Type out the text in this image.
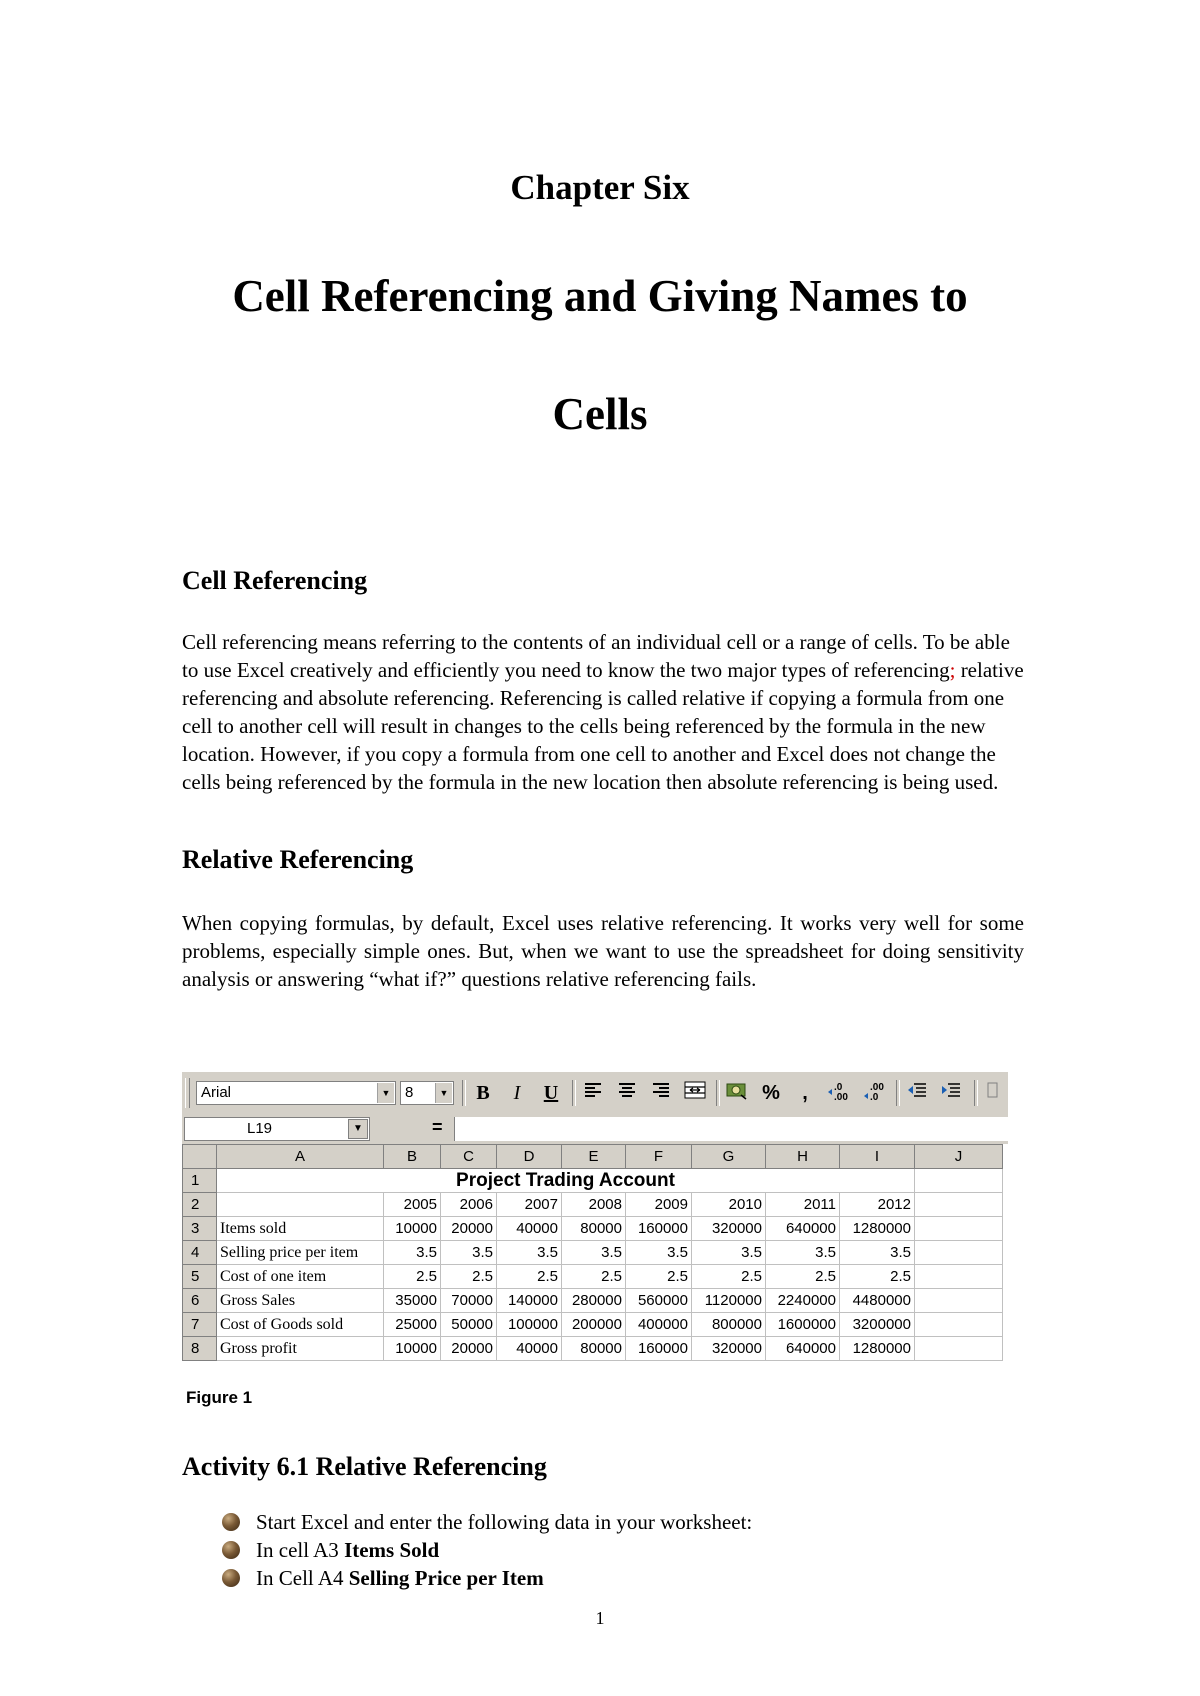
Chapter Six
Cell Referencing and Giving Names to
Cells
Cell Referencing
Cell referencing means referring to the contents of an individual cell or a range of cells. To be able to use Excel creatively and efficiently you need to know the two major types of referencing; relative referencing and absolute referencing. Referencing is called relative if copying a formula from one cell to another cell will result in changes to the cells being referenced by the formula in the new location. However, if you copy a formula from one cell to another and Excel does not change the cells being referenced by the formula in the new location then absolute referencing is being used.
Relative Referencing
When copying formulas, by default, Excel uses relative referencing. It works very well for some problems, especially simple ones. But, when we want to use the spreadsheet for doing sensitivity analysis or answering “what if?” questions relative referencing fails.
Arial	▼ 8	▼	B	I	U	%	,	.0
.00
.00
.0
L19	▼	=
	A	B	C	D	E	F	G	H	I	J
1	Project Trading Account									
2		2005	2006	2007	2008	2009	2010	2011	2012	
3	Items sold	10000	20000	40000	80000	160000	320000	640000	1280000	
4	Selling price per item	3.5	3.5	3.5	3.5	3.5	3.5	3.5	3.5	
5	Cost of one item	2.5	2.5	2.5	2.5	2.5	2.5	2.5	2.5	
6	Gross Sales	35000	70000	140000	280000	560000	1120000	2240000	4480000	
7	Cost of Goods sold	25000	50000	100000	200000	400000	800000	1600000	3200000	
8	Gross profit	10000	20000	40000	80000	160000	320000	640000	1280000	
Figure 1
Activity 6.1 Relative Referencing
Start Excel and enter the following data in your worksheet:
In cell A3 Items Sold
In Cell A4 Selling Price per Item
1
